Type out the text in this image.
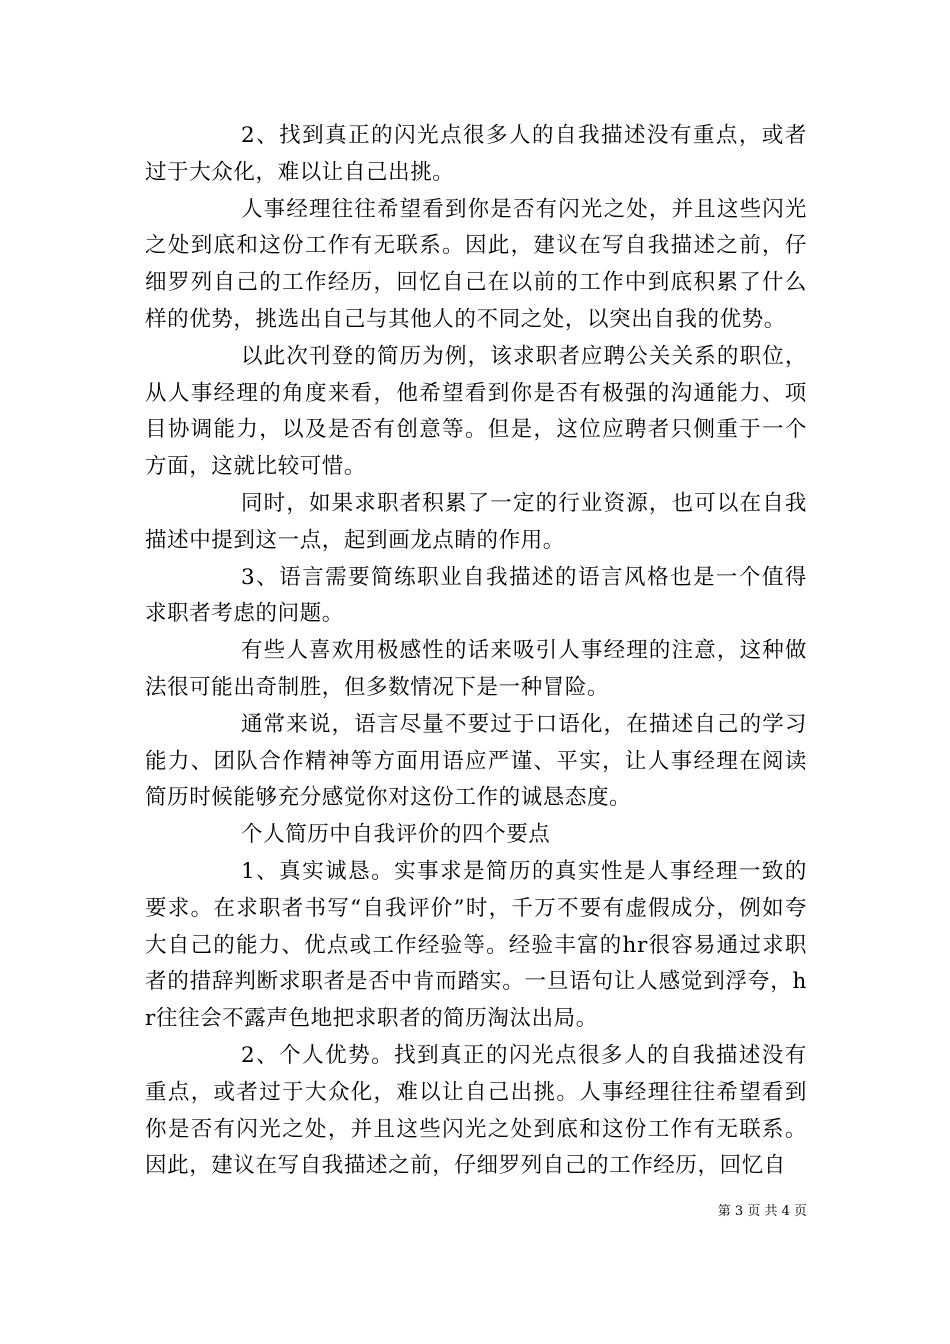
2、找到真正的闪光点很多人的自我描述没有重点，或者过于大众化，难以让自己出挑。

人事经理往往希望看到你是否有闪光之处，并且这些闪光之处到底和这份工作有无联系。因此，建议在写自我描述之前，仔细罗列自己的工作经历，回忆自己在以前的工作中到底积累了什么样的优势，挑选出自己与其他人的不同之处，以突出自我的优势。

以此次刊登的简历为例，该求职者应聘公关关系的职位，从人事经理的角度来看，他希望看到你是否有极强的沟通能力、项目协调能力，以及是否有创意等。但是，这位应聘者只侧重于一个方面，这就比较可惜。

同时，如果求职者积累了一定的行业资源，也可以在自我描述中提到这一点，起到画龙点睛的作用。

3、语言需要简练职业自我描述的语言风格也是一个值得求职者考虑的问题。

有些人喜欢用极感性的话来吸引人事经理的注意，这种做法很可能出奇制胜，但多数情况下是一种冒险。

通常来说，语言尽量不要过于口语化，在描述自己的学习能力、团队合作精神等方面用语应严谨、平实，让人事经理在阅读简历时候能够充分感觉你对这份工作的诚恳态度。

个人简历中自我评价的四个要点

1、真实诚恳。实事求是简历的真实性是人事经理一致的要求。在求职者书写“自我评价”时，千万不要有虚假成分，例如夸大自己的能力、优点或工作经验等。经验丰富的hr很容易通过求职者的措辞判断求职者是否中肯而踏实。一旦语句让人感觉到浮夸，hr往往会不露声色地把求职者的简历淘汰出局。

2、个人优势。找到真正的闪光点很多人的自我描述没有重点，或者过于大众化，难以让自己出挑。人事经理往往希望看到你是否有闪光之处，并且这些闪光之处到底和这份工作有无联系。因此，建议在写自我描述之前，仔细罗列自己的工作经历，回忆自

第 3 页 共 4 页
